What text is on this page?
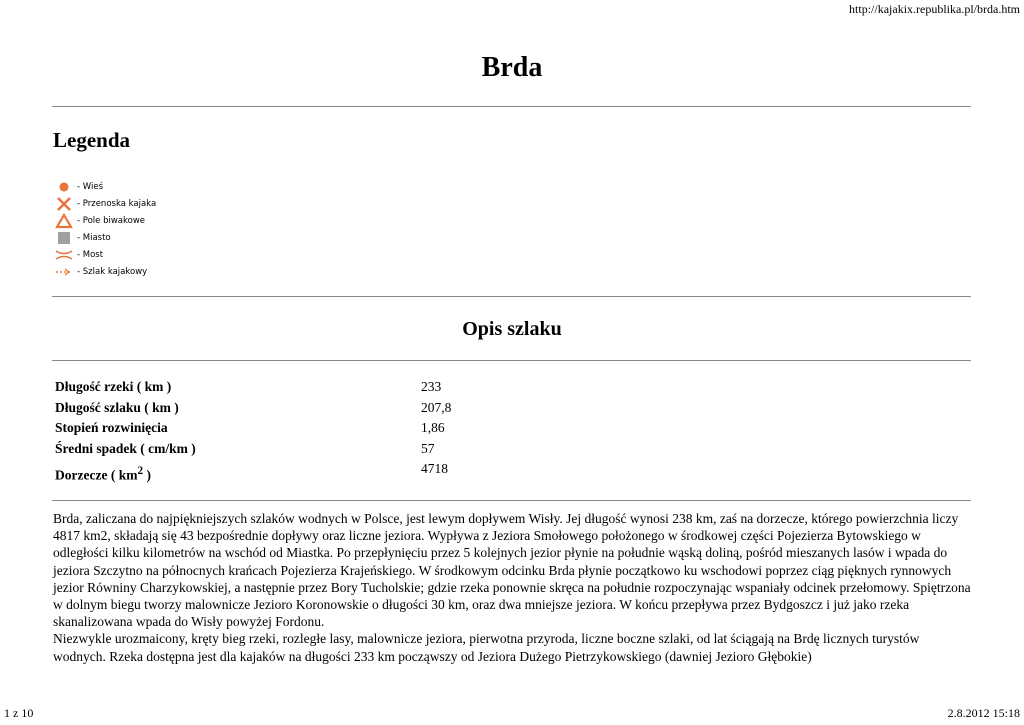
http://kajakix.republika.pl/brda.htm
Brda
Legenda
- Wieś
- Przenoska kajaka
- Pole biwakowe
- Miasto
- Most
- Szlak kajakowy
Opis szlaku
Długość rzeki ( km )	233
Długość szlaku ( km )	207,8
Stopień rozwinięcia	1,86
Średni spadek ( cm/km )	57
Dorzecze ( $km^2$ )	4718

Brda, zaliczana do najpiękniejszych szlaków wodnych w Polsce, jest lewym dopływem Wisły. Jej długość wynosi 238 km, zaś na dorzecze, którego powierzchnia liczy 4817 km2, składają się 43 bezpośrednie dopływy oraz liczne jeziora. Wypływa z Jeziora Smołowego położonego w środkowej części Pojezierza Bytowskiego w odległości kilku kilometrów na wschód od Miastka. Po przepłynięciu przez 5 kolejnych jezior płynie na południe wąską doliną, pośród mieszanych lasów i wpada do jeziora Szczytno na północnych krańcach Pojezierza Krajeńskiego. W środkowym odcinku Brda płynie początkowo ku wschodowi poprzez ciąg pięknych rynnowych jezior Równiny Charzykowskiej, a następnie przez Bory Tucholskie; gdzie rzeka ponownie skręca na południe rozpoczynając wspaniały odcinek przełomowy. Spiętrzona w dolnym biegu tworzy malownicze Jezioro Koronowskie o długości 30 km, oraz dwa mniejsze jeziora. W końcu przepływa przez Bydgoszcz i już jako rzeka skanalizowana wpada do Wisły powyżej Fordonu.

Niezwykle urozmaicony, kręty bieg rzeki, rozległe lasy, malownicze jeziora, pierwotna przyroda, liczne boczne szlaki, od lat ściągają na Brdę licznych turystów wodnych. Rzeka dostępna jest dla kajaków na długości 233 km począwszy od Jeziora Dużego Pietrzykowskiego (dawniej Jezioro Głębokie)

1 z 10	2.8.2012 15:18
